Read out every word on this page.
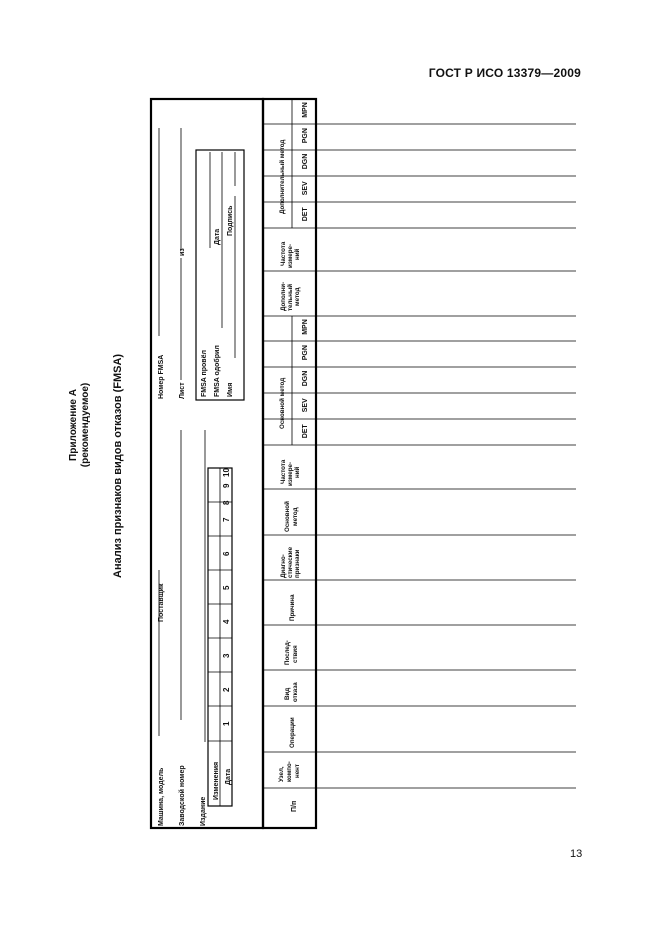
ГОСТ Р ИСО 13379—2009
13
Приложение А (рекомендуемое) Анализ признаков видов отказов (FMSA)
Машина, модель
Поставщик
Номер FMSA
Заводской номер
Лист
из
Издание
FMSA провёл FMSA одобрил
Дата
Имя
Подпись
Изменения Дата
1
2
3
4
5
6
7
8
9
10
П/п
Узел, компо- нент
Операции
Вид отказа
Послед- ствия
Причина
Диагно- стические признаки
Основной метод
Частота измере- ний
Основной метод
Дополни- тельный метод
Частота измере- ний
Дополнительный метод
DET
SEV
DGN
PGN
MPN
DET
SEV
DGN
PGN
MPN
